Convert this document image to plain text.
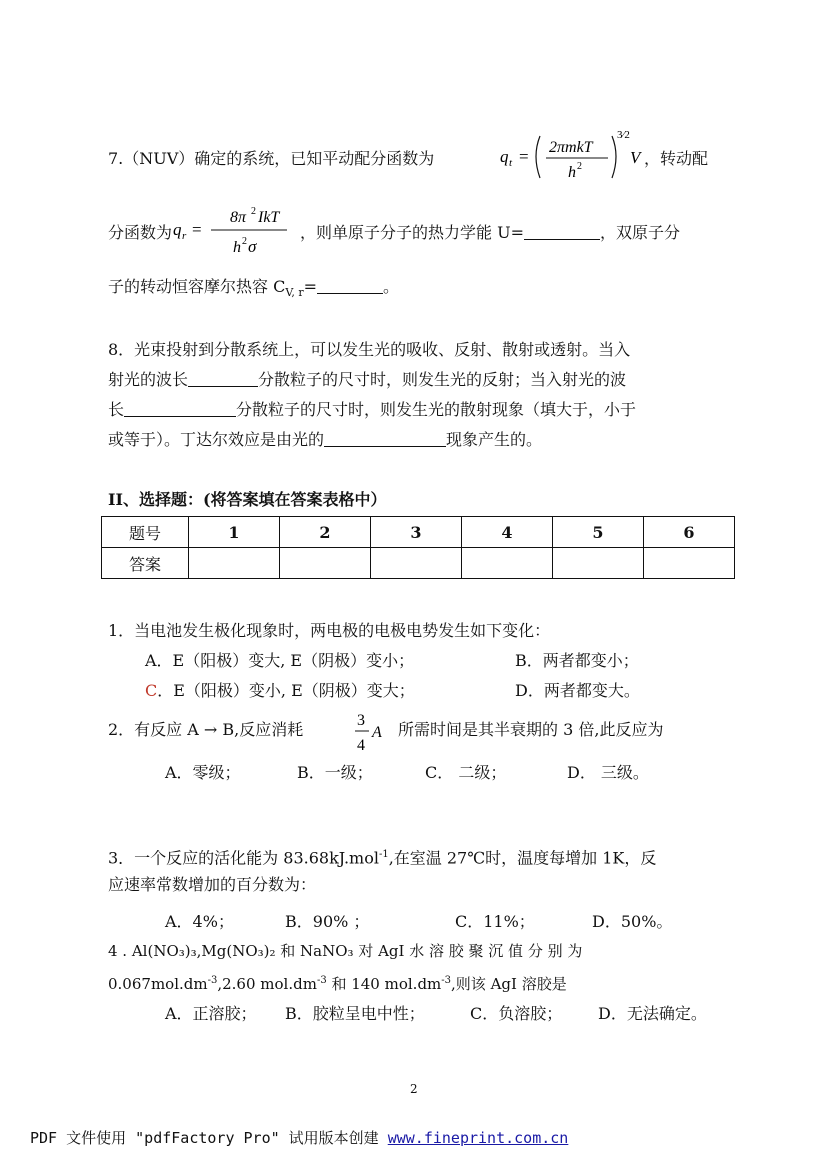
7.（NUV）确定的系统，已知平动配分函数为	q t = 2πmkT
h 2
3⁄2
V ，转动配
分函数为 q r =
8π 2 IkT
h 2 σ
，则单原子分子的热力学能 U=	，双原子分
子的转动恒容摩尔热容 $C_{V, r}=$	。
8．光束投射到分散系统上，可以发生光的吸收、反射、散射或透射。当入
射光的波长	分散粒子的尺寸时，则发生光的反射；当入射光的波
长	分散粒子的尺寸时，则发生光的散射现象（填大于，小于
或等于）。丁达尔效应是由光的	现象产生的。
II、选择题：(将答案填在答案表格中）
题号	1	2	3	4	5	6
答案						
1．当电池发生极化现象时，两电极的电极电势发生如下变化：
A．E（阳极）变大, E（阴极）变小；	B．两者都变小；
C．E（阳极）变小, E（阴极）变大；	D．两者都变大。
2．有反应 A → B,反应消耗	3
4
A 所需时间是其半衰期的 3 倍,此反应为
A．零级；	B．一级；	C． 二级；	D． 三级。
3．一个反应的活化能为 83.68kJ.mol$^{-1}$,在室温 27℃时，温度每增加 1K，反
应速率常数增加的百分数为：
A．4%；	B．90% ；	C．11%；	D．50%。
4 . Al(NO₃)₃,Mg(NO₃)₂ 和 NaNO₃ 对 AgI 水 溶 胶 聚 沉 值 分 别 为
$0.067mol.dm^{-3},2.60$ $mol.dm^{-3}$ 和 140 $mol.dm^{-3}$,则该 AgI 溶胶是
A．正溶胶； B．胶粒呈电中性；	C．负溶胶； D．无法确定。
2
PDF 文件使用 "pdfFactory Pro" 试用版本创建 www.fineprint.com.cn
